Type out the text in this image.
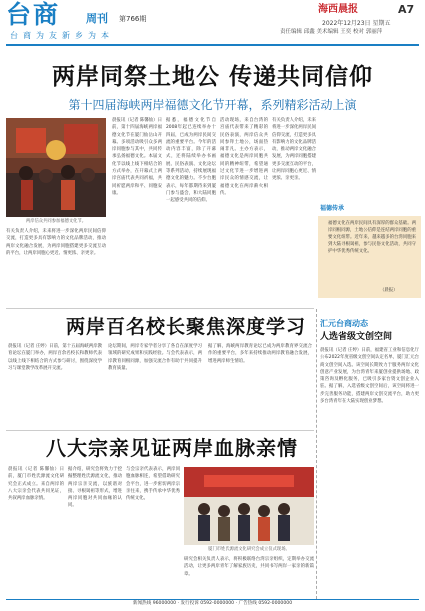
台商 周刊 第766期
台商为友新乡为本
海西晨报	A7
2022年12月23日 星期五
责任编辑 邱鑫 美术编辑 王奕 校对 郭丽萍
两岸同祭土地公 传递共同信仰
第十四届海峡两岸福德文化节开幕，系列精彩活动上演
两岸信众共同参加福德文化节。
晨报讯（记者 陈馨仙）日前，第十四届海峡两岸福德文化节在厦门仙岳山开幕。多项活动吸引众多两岸同胞参与其中，共同传承弘扬福德文化。本届文化节以线上线下相结合的方式举办，在开幕式上两岸宫庙代表共同祈福，共同祈愿两岸和平、同胞安康。
据悉，福德文化节自2008年起已连续举办十四届，已成为两岸民间交流的重要平台。今年的活动内容丰富，除了开幕式，还将陆续举办书画展、民俗表演、文化论坛等系列活动，持续展现福德文化的魅力。不少台胞表示，每年都期待来到厦门参与盛会，和大陆同胞一起感受共同的信仰。
活动现场，来自台湾的宫庙代表带来了精彩的民俗表演，两岸信众共同参拜土地公，场面热闹非凡。主办方表示，福德文化是两岸同胞共同的精神纽带，希望通过文化节进一步增进两岸民众的情感交流，让福德文化在两岸薪火相传。
有关负责人介绍，未来将进一步深化两岸民间信仰交流，打造更多具有影响力的文化品牌活动，推动两岸文化融合发展，为两岸同胞搭建更多交流互动的平台，让两岸同胞心更近、情更浓、亲更亲。
有关负责人介绍，未来将进一步深化两岸民间信仰交流，打造更多具有影响力的文化品牌活动，推动两岸文化融合发展，为两岸同胞搭建更多交流互动的平台，让两岸同胞心更近、情更浓、亲更亲。
福德传承
福德文化在两岸民间具有深厚的群众基础。两岸同根同源，土地公信仰是连结两岸同胞的重要文化纽带。近年来，越来越多的台湾同胞来到大陆寻根谒祖，参与民俗文化活动，共同守护中华优秀传统文化。
（晨报）
两岸百名校长聚焦深度学习
晨报讯（记者 庄婷）日前，第十五届海峡两岸教育论坛在厦门举办，两岸百余名校长和教师代表以线上线下相结合的方式参与研讨，围绕深度学习与课堂教学改革展开交流。
论坛期间，两岸专家学者分享了各自在深度学习领域的研究成果和实践经验。与会代表表示，两岸教育同根同源，加强交流合作有助于共同提升教育质量。
据了解，海峡两岸教育论坛已成为两岸教育界交流合作的重要平台，多年来持续推动两岸教育融合发展，增进两岸师生情谊。
八大宗亲见证两岸血脉亲情
晨报讯（记者 陈馨仙）日前，厦门市姓氏源流文化研究会正式成立。来自两岸的八大宗亲会代表共同见证，共叙两岸血脉亲情。
据介绍，研究会将致力于挖掘整理姓氏源流文化，推动两岸宗亲交流，以族谱对接、寻根谒祖等形式，增进两岸同胞对共同血缘的认同。
与会宗亲代表表示，两岸同胞血脉相连，希望借助研究会平台，进一步密切两岸宗亲往来，携手传承中华优秀传统文化。
厦门市姓氏源流文化研究会成立仪式现场。
研究会相关负责人表示，将积极联络台湾宗亲组织，定期举办交流活动，让更多两岸青年了解家族历史，共同书写两岸一家亲的新篇章。
汇元台商动态
人选省级文创空间
晨报讯（记者 庄婷）日前，福建省工业和信息化厅公布2022年度省级文创空间认定名单，厦门汇元台商文创空间入选。该空间长期致力于服务两岸文化创意产业发展，为台湾青年来厦创业提供场地、政策咨询及孵化服务，已吸引多家台资文创企业入驻。据了解，入选省级文创空间后，该空间将进一步完善服务功能，搭建两岸文创交流平台，助力更多台湾青年在大陆实现创业梦想。
新闻热线 96000000 · 发行投诉 0592-0000000 · 广告热线 0592-0000000
